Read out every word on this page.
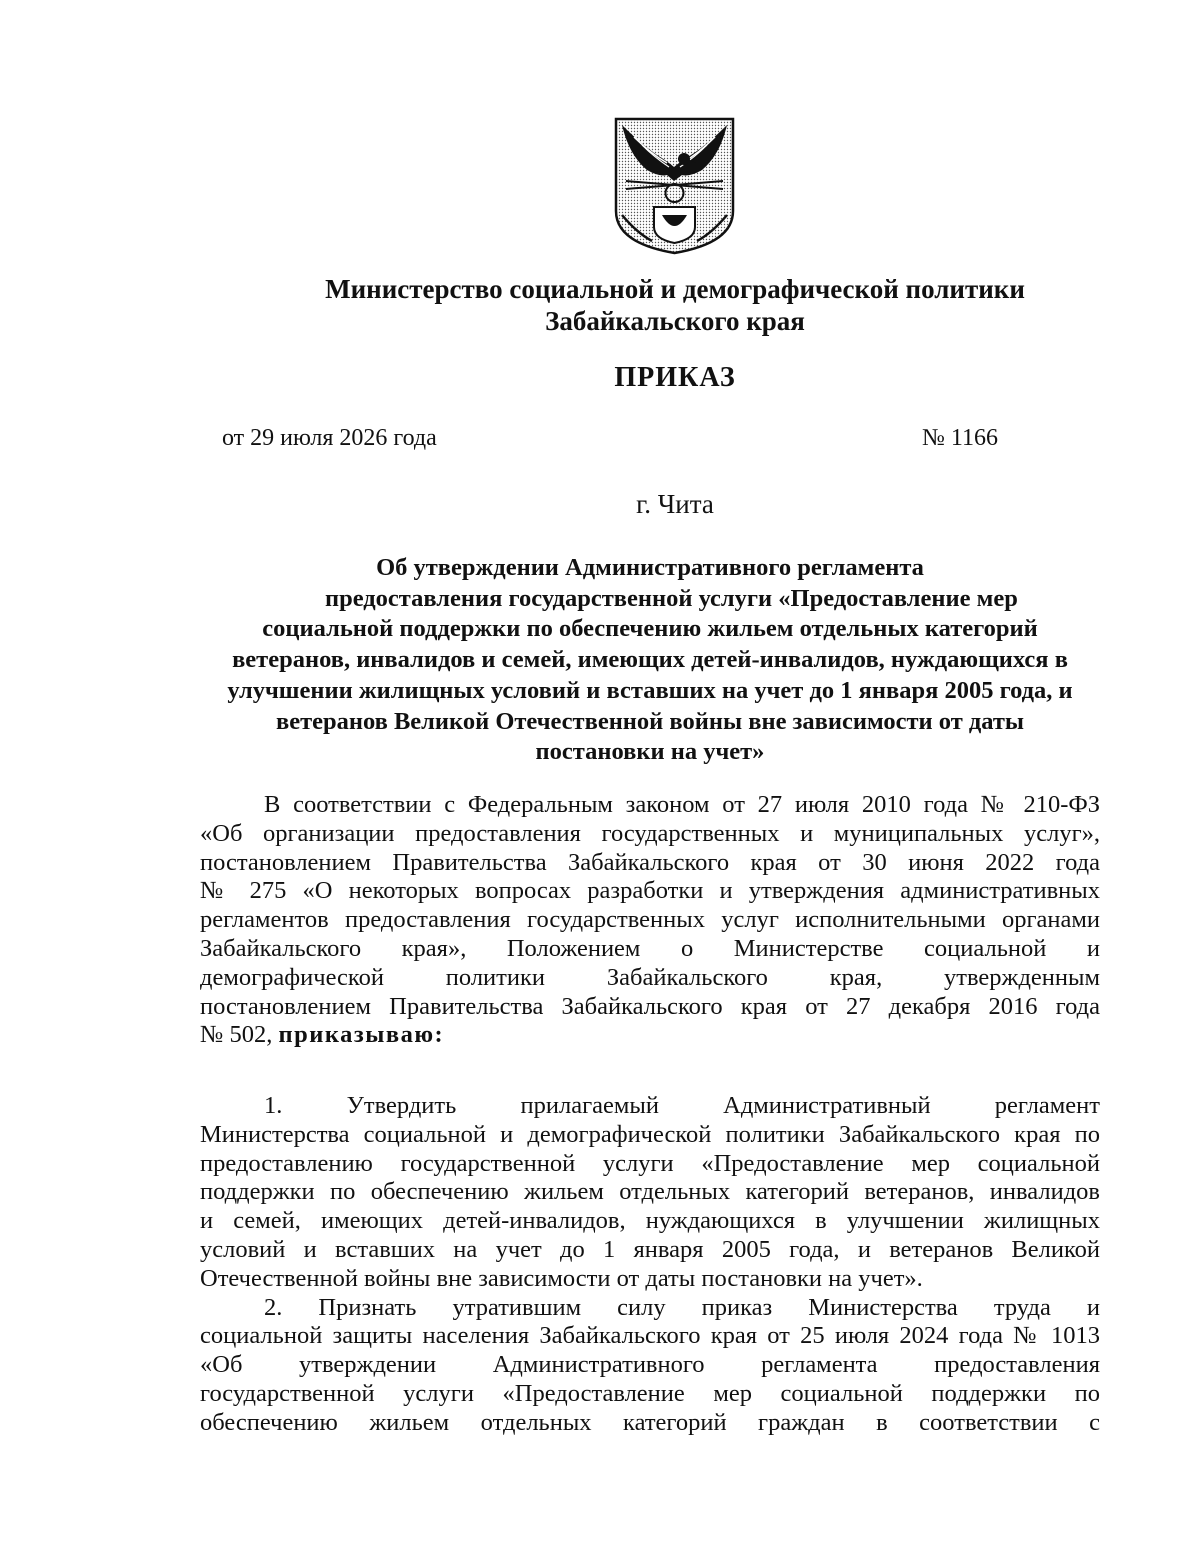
Министерство социальной и демографической политики
Забайкальского края
ПРИКАЗ
от 29 июля 2026 года	№ 1166
г. Чита
Об утверждении Административного регламента
предоставления государственной услуги «Предоставление мер
социальной поддержки по обеспечению жильем отдельных категорий
ветеранов, инвалидов и семей, имеющих детей-инвалидов, нуждающихся в
улучшении жилищных условий и вставших на учет до 1 января 2005 года, и
ветеранов Великой Отечественной войны вне зависимости от даты
постановки на учет»
В соответствии с Федеральным законом от 27 июля 2010 года № 210-ФЗ
«Об организации предоставления государственных и муниципальных услуг»,
постановлением Правительства Забайкальского края от 30 июня 2022 года
№ 275 «О некоторых вопросах разработки и утверждения административных
регламентов предоставления государственных услуг исполнительными органами
Забайкальского края», Положением о Министерстве социальной и
демографической политики Забайкальского края, утвержденным
постановлением Правительства Забайкальского края от 27 декабря 2016 года
№ 502, приказываю:
1. Утвердить прилагаемый Административный регламент
Министерства социальной и демографической политики Забайкальского края по
предоставлению государственной услуги «Предоставление мер социальной
поддержки по обеспечению жильем отдельных категорий ветеранов, инвалидов
и семей, имеющих детей-инвалидов, нуждающихся в улучшении жилищных
условий и вставших на учет до 1 января 2005 года, и ветеранов Великой
Отечественной войны вне зависимости от даты постановки на учет».
2. Признать утратившим силу приказ Министерства труда и
социальной защиты населения Забайкальского края от 25 июля 2024 года № 1013
«Об утверждении Административного регламента предоставления
государственной услуги «Предоставление мер социальной поддержки по
обеспечению жильем отдельных категорий граждан в соответствии с
